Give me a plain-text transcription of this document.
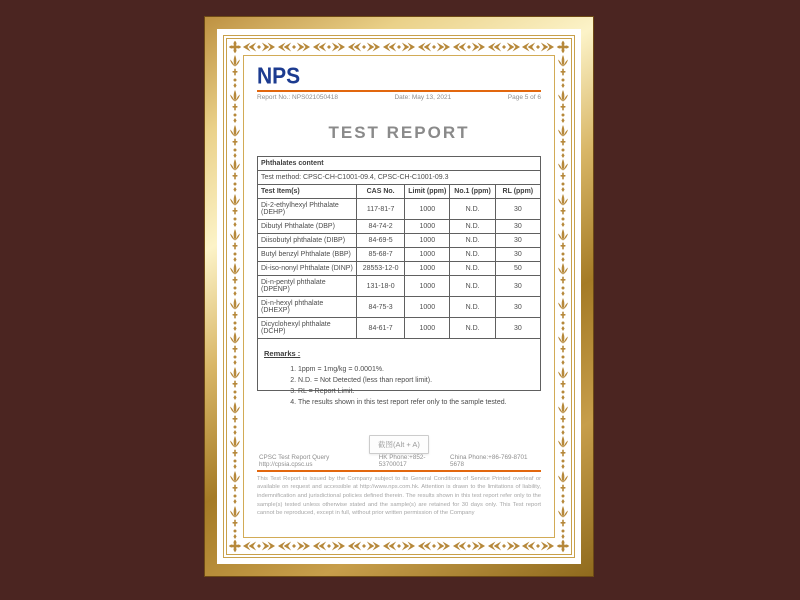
NPS
Report No.: NPS021050418	Date: May 13, 2021	Page 5 of 6
TEST REPORT
Phthalates content				
Test method: CPSC-CH-C1001-09.4, CPSC-CH-C1001-09.3				
Test Item(s)	CAS No.	Limit (ppm)	No.1 (ppm)	RL (ppm)
Di-2-ethylhexyl Phthalate (DEHP)	117-81-7	1000	N.D.	30
Dibutyl Phthalate (DBP)	84-74-2	1000	N.D.	30
Diisobutyl phthalate (DIBP)	84-69-5	1000	N.D.	30
Butyl benzyl Phthalate (BBP)	85-68-7	1000	N.D.	30
Di-iso-nonyl Phthalate (DINP)	28553-12-0	1000	N.D.	50
Di-n-pentyl phthalate (DPENP)	131-18-0	1000	N.D.	30
Di-n-hexyl phthalate (DHEXP)	84-75-3	1000	N.D.	30
Dicyclohexyl phthalate (DCHP)	84-61-7	1000	N.D.	30
Remarks :
1. 1ppm = 1mg/kg = 0.0001%.
2. N.D. = Not Detected (less than report limit).
3. RL = Report Limit.
4. The results shown in this test report refer only to the sample tested.
截图(Alt + A)
CPSC Test Report Query http://cpsia.cpsc.us
HK Phone:+852-53700017
China Phone:+86-769-8701 5678
This Test Report is issued by the Company subject to its General Conditions of Service Printed overleaf or available on request and accessible at http://www.nps.com.hk. Attention is drawn to the limitations of liability, indemnification and jurisdictional policies defined therein. The results shown in this test report refer only to the sample(s) tested unless otherwise stated and the sample(s) are retained for 30 days only. This Test report cannot be reproduced, except in full, without prior written permission of the Company
